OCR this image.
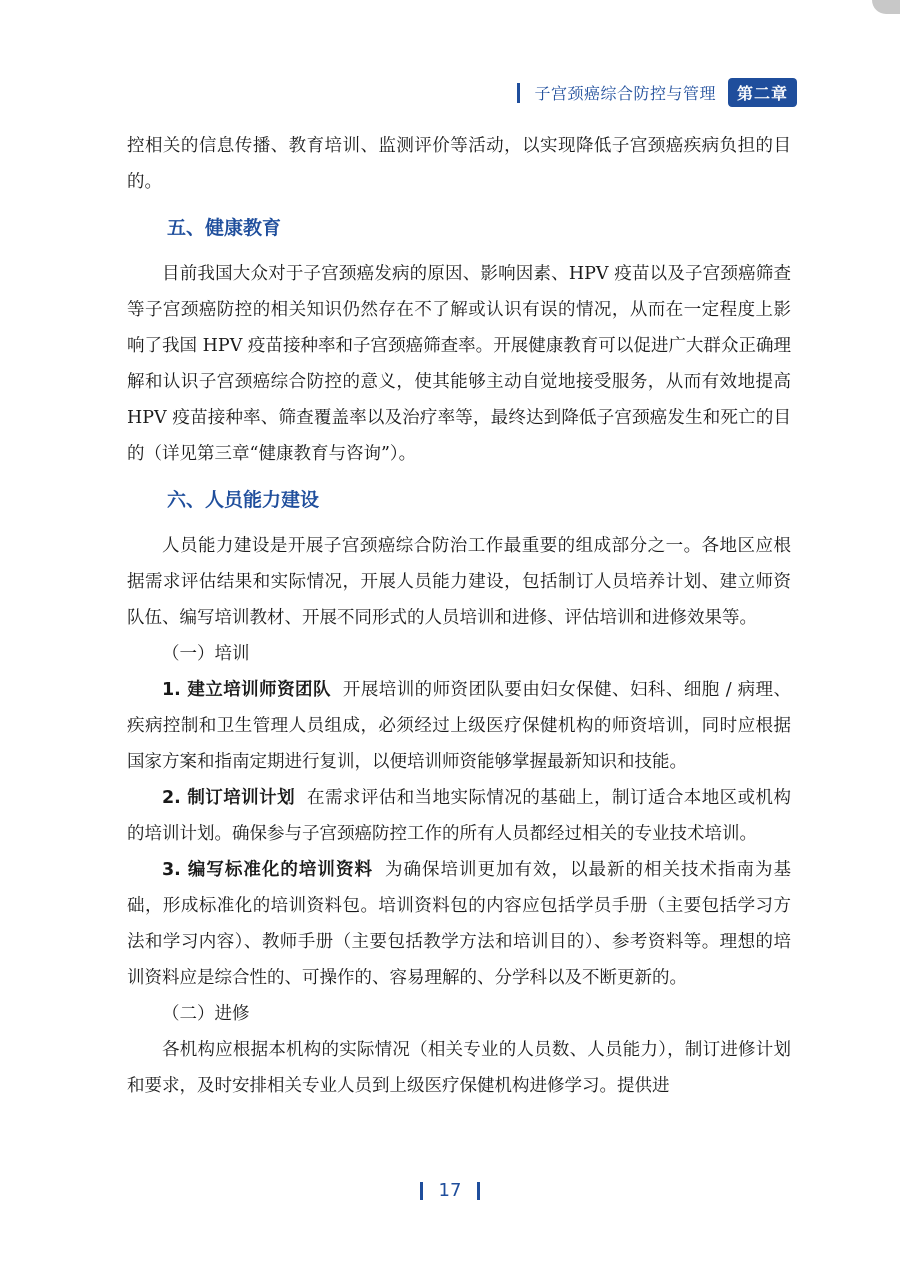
子宫颈癌综合防控与管理	第二章

控相关的信息传播、教育培训、监测评价等活动，以实现降低子宫颈癌疾病负担的目的。

五、健康教育

目前我国大众对于子宫颈癌发病的原因、影响因素、HPV 疫苗以及子宫颈癌筛查等子宫颈癌防控的相关知识仍然存在不了解或认识有误的情况，从而在一定程度上影响了我国 HPV 疫苗接种率和子宫颈癌筛查率。开展健康教育可以促进广大群众正确理解和认识子宫颈癌综合防控的意义，使其能够主动自觉地接受服务，从而有效地提高 HPV 疫苗接种率、筛查覆盖率以及治疗率等，最终达到降低子宫颈癌发生和死亡的目的（详见第三章“健康教育与咨询”）。

六、人员能力建设

人员能力建设是开展子宫颈癌综合防治工作最重要的组成部分之一。各地区应根据需求评估结果和实际情况，开展人员能力建设，包括制订人员培养计划、建立师资队伍、编写培训教材、开展不同形式的人员培训和进修、评估培训和进修效果等。

（一）培训

1. 建立培训师资团队 开展培训的师资团队要由妇女保健、妇科、细胞 / 病理、疾病控制和卫生管理人员组成，必须经过上级医疗保健机构的师资培训，同时应根据国家方案和指南定期进行复训，以便培训师资能够掌握最新知识和技能。

2. 制订培训计划 在需求评估和当地实际情况的基础上，制订适合本地区或机构的培训计划。确保参与子宫颈癌防控工作的所有人员都经过相关的专业技术培训。

3. 编写标准化的培训资料 为确保培训更加有效，以最新的相关技术指南为基础，形成标准化的培训资料包。培训资料包的内容应包括学员手册（主要包括学习方法和学习内容）、教师手册（主要包括教学方法和培训目的）、参考资料等。理想的培训资料应是综合性的、可操作的、容易理解的、分学科以及不断更新的。

（二）进修

各机构应根据本机构的实际情况（相关专业的人员数、人员能力），制订进修计划和要求，及时安排相关专业人员到上级医疗保健机构进修学习。提供进

17
